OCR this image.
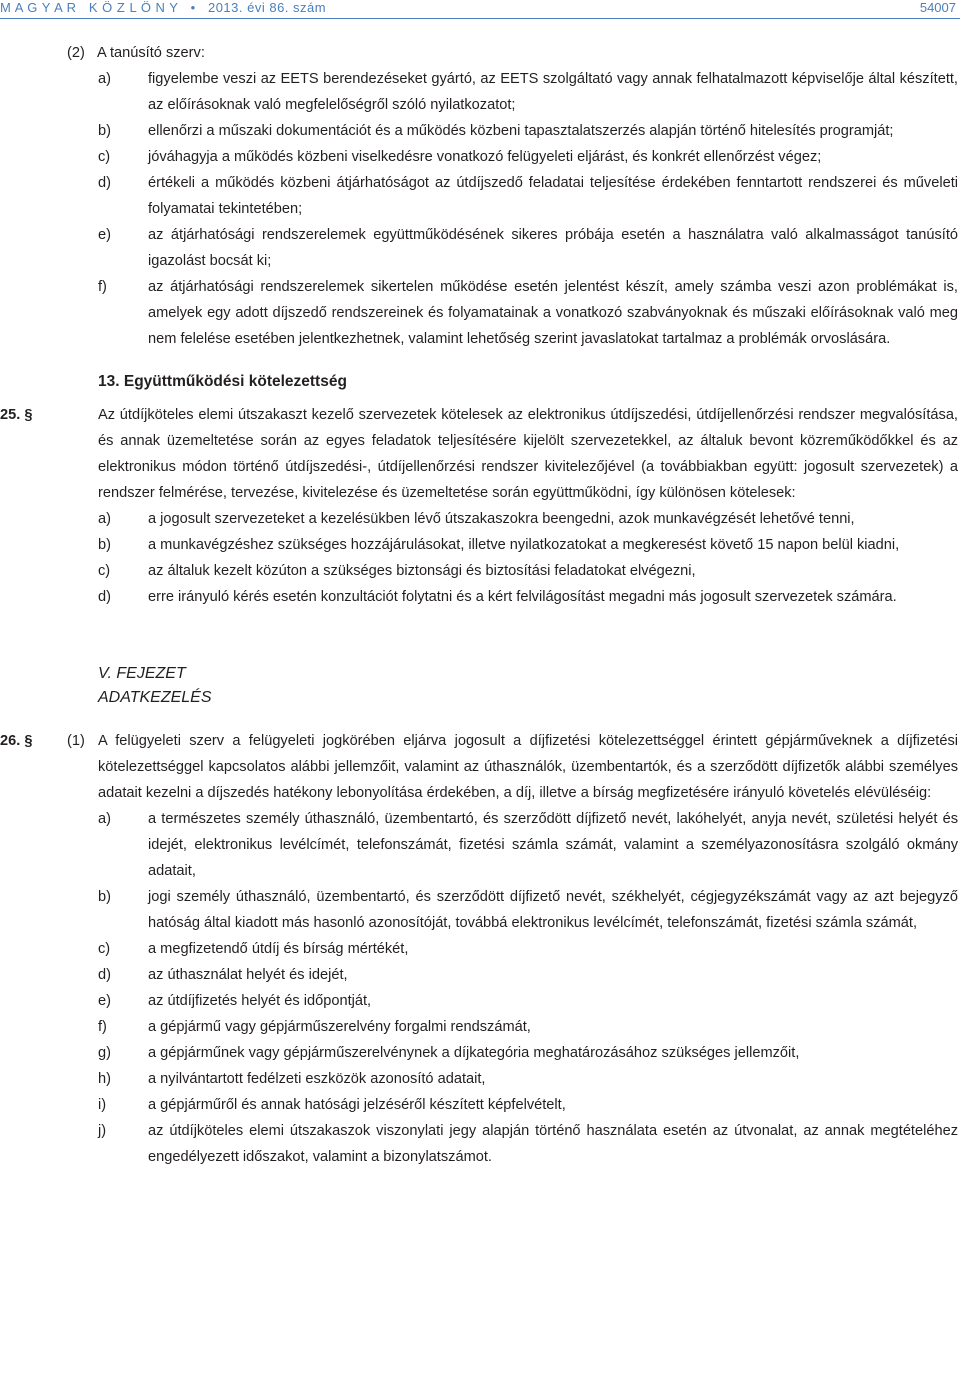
M A G Y A R   K Ö Z L Ö N Y   •   2013. évi 86. szám	54007
(2) A tanúsító szerv:
a)	figyelembe veszi az EETS berendezéseket gyártó, az EETS szolgáltató vagy annak felhatalmazott képviselője által készített, az előírásoknak való megfelelőségről szóló nyilatkozatot;
b)	ellenőrzi a műszaki dokumentációt és a működés közbeni tapasztalatszerzés alapján történő hitelesítés programját;
c)	jóváhagyja a működés közbeni viselkedésre vonatkozó felügyeleti eljárást, és konkrét ellenőrzést végez;
d)	értékeli a működés közbeni átjárhatóságot az útdíjszedő feladatai teljesítése érdekében fenntartott rendszerei és műveleti folyamatai tekintetében;
e)	az átjárhatósági rendszerelemek együttműködésének sikeres próbája esetén a használatra való alkalmasságot tanúsító igazolást bocsát ki;
f)	az átjárhatósági rendszerelemek sikertelen működése esetén jelentést készít, amely számba veszi azon problémákat is, amelyek egy adott díjszedő rendszereinek és folyamatainak a vonatkozó szabványoknak és műszaki előírásoknak való meg nem felelése esetében jelentkezhetnek, valamint lehetőség szerint javaslatokat tartalmaz a problémák orvoslására.
13. Együttműködési kötelezettség
25. §	Az útdíjköteles elemi útszakaszt kezelő szervezetek kötelesek az elektronikus útdíjszedési, útdíjellenőrzési rendszer megvalósítása, és annak üzemeltetése során az egyes feladatok teljesítésére kijelölt szervezetekkel, az általuk bevont közreműködőkkel és az elektronikus módon történő útdíjszedési-, útdíjellenőrzési rendszer kivitelezőjével (a továbbiakban együtt: jogosult szervezetek) a rendszer felmérése, tervezése, kivitelezése és üzemeltetése során együttműködni, így különösen kötelesek:
a)	a jogosult szervezeteket a kezelésükben lévő útszakaszokra beengedni, azok munkavégzését lehetővé tenni,
b)	a munkavégzéshez szükséges hozzájárulásokat, illetve nyilatkozatokat a megkeresést követő 15 napon belül kiadni,
c)	az általuk kezelt közúton a szükséges biztonsági és biztosítási feladatokat elvégezni,
d)	erre irányuló kérés esetén konzultációt folytatni és a kért felvilágosítást megadni más jogosult szervezetek számára.
V. FEJEZET
ADATKEZELÉS
26. § (1) A felügyeleti szerv a felügyeleti jogkörében eljárva jogosult a díjfizetési kötelezettséggel érintett gépjárműveknek a díjfizetési kötelezettséggel kapcsolatos alábbi jellemzőit, valamint az úthasználók, üzembentartók, és a szerződött díjfizetők alábbi személyes adatait kezelni a díjszedés hatékony lebonyolítása érdekében, a díj, illetve a bírság megfizetésére irányuló követelés elévüléséig:
a)	a természetes személy úthasználó, üzembentartó, és szerződött díjfizető nevét, lakóhelyét, anyja nevét, születési helyét és idejét, elektronikus levélcímét, telefonszámát, fizetési számla számát, valamint a személyazonosításra szolgáló okmány adatait,
b)	jogi személy úthasználó, üzembentartó, és szerződött díjfizető nevét, székhelyét, cégjegyzékszámát vagy az azt bejegyző hatóság által kiadott más hasonló azonosítóját, továbbá elektronikus levélcímét, telefonszámát, fizetési számla számát,
c)	a megfizetendő útdíj és bírság mértékét,
d)	az úthasználat helyét és idejét,
e)	az útdíjfizetés helyét és időpontját,
f)	a gépjármű vagy gépjárműszerelvény forgalmi rendszámát,
g)	a gépjárműnek vagy gépjárműszerelvénynek a díjkategória meghatározásához szükséges jellemzőit,
h)	a nyilvántartott fedélzeti eszközök azonosító adatait,
i)	a gépjárműről és annak hatósági jelzéséről készített képfelvételt,
j)	az útdíjköteles elemi útszakaszok viszonylati jegy alapján történő használata esetén az útvonalat, az annak megtételéhez engedélyezett időszakot, valamint a bizonylatszámot.
